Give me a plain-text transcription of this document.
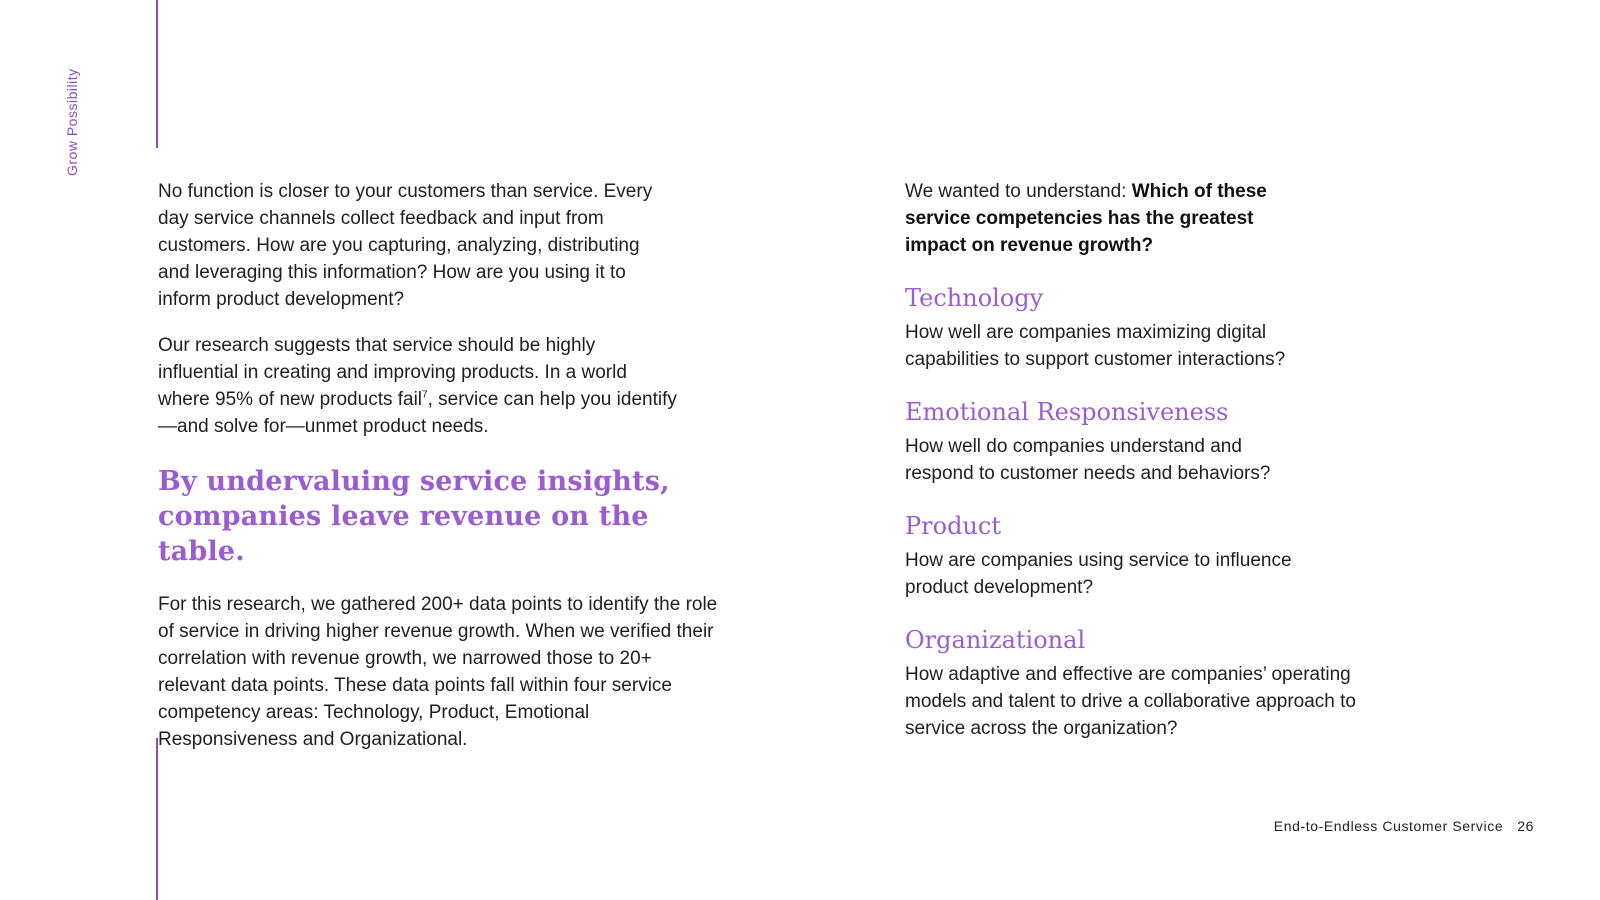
Grow Possibility

No function is closer to your customers than service. Every day service channels collect feedback and input from customers. How are you capturing, analyzing, distributing and leveraging this information? How are you using it to inform product development?

Our research suggests that service should be highly influential in creating and improving products. In a world where 95% of new products fail$^7$, service can help you identify—and solve for—unmet product needs.

By undervaluing service insights, companies leave revenue on the table.

For this research, we gathered 200+ data points to identify the role of service in driving higher revenue growth. When we verified their correlation with revenue growth, we narrowed those to 20+ relevant data points. These data points fall within four service competency areas: Technology, Product, Emotional Responsiveness and Organizational.

We wanted to understand: Which of these service competencies has the greatest impact on revenue growth?

Technology

How well are companies maximizing digital capabilities to support customer interactions?

Emotional Responsiveness

How well do companies understand and respond to customer needs and behaviors?

Product

How are companies using service to influence product development?

Organizational

How adaptive and effective are companies’ operating models and talent to drive a collaborative approach to service across the organization?

End-to-Endless Customer Service 26
